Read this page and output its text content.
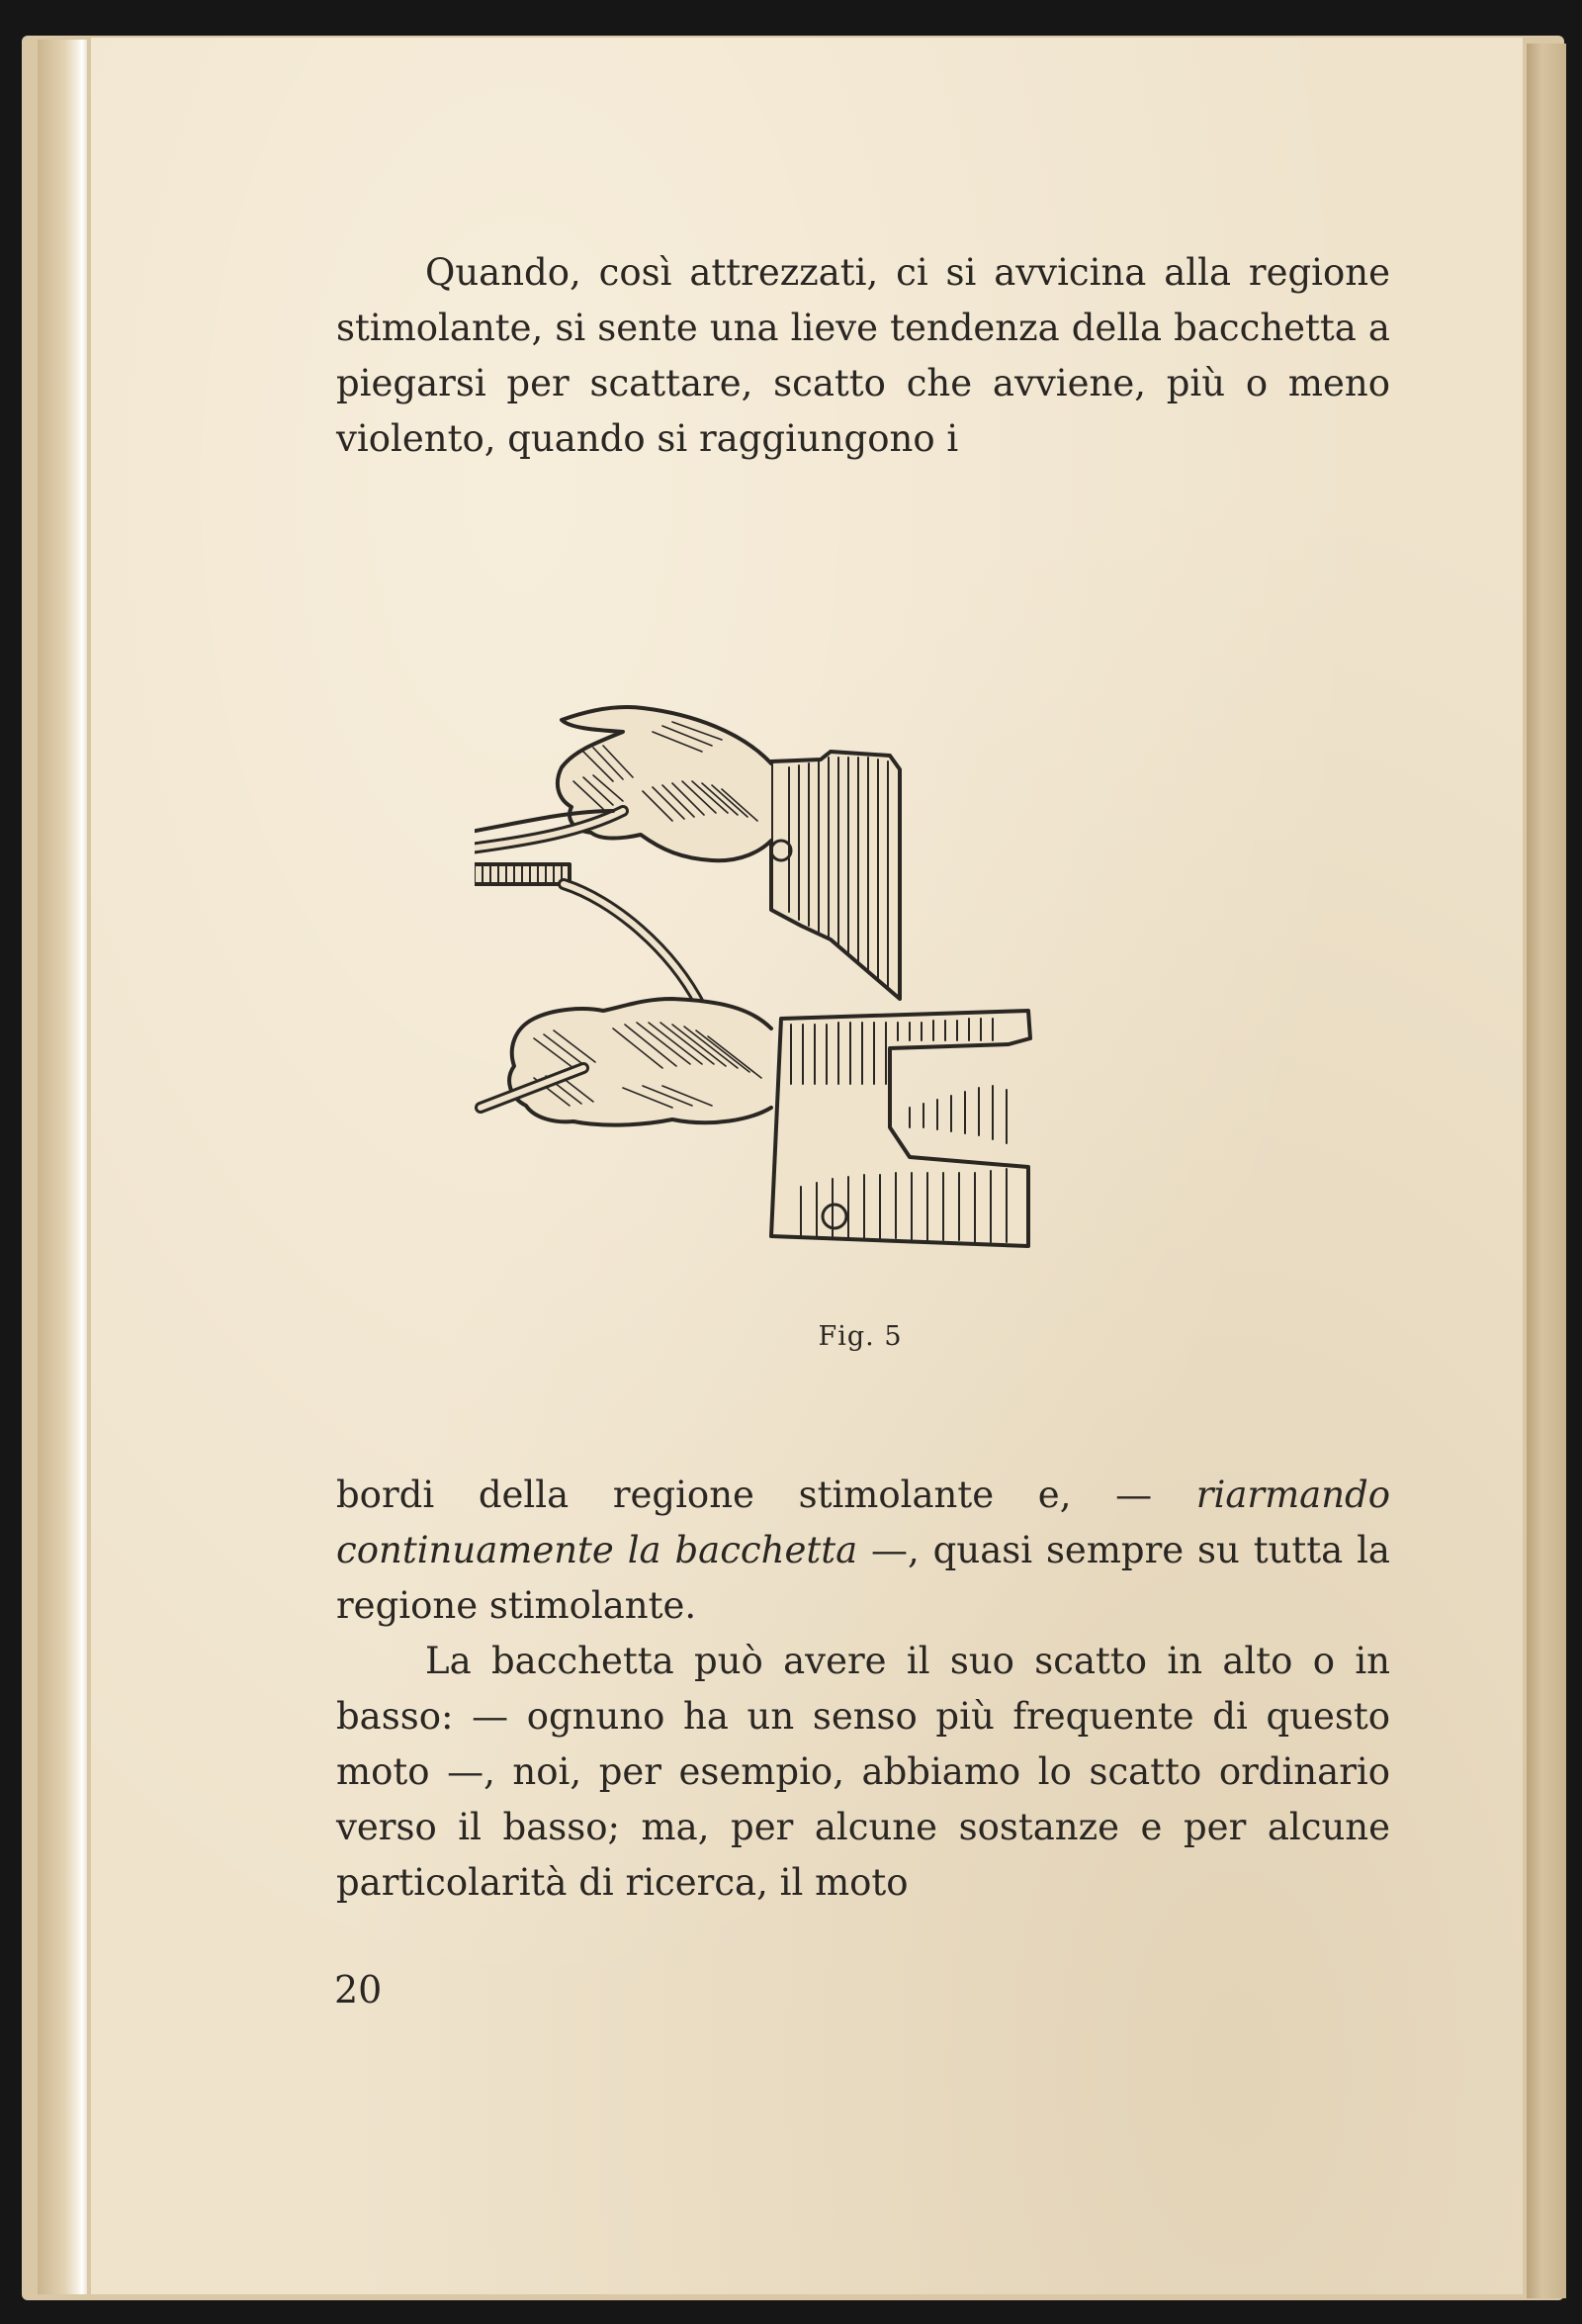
Quando, così attrezzati, ci si avvicina alla regione stimolante, si sente una lieve tendenza della bacchetta a piegarsi per scattare, scatto che avviene, più o meno violento, quando si raggiungono i

Fig. 5

bordi della regione stimolante e, — riarmando continuamente la bacchetta —, quasi sempre su tutta la regione stimolante.

La bacchetta può avere il suo scatto in alto o in basso: — ognuno ha un senso più frequente di questo moto —, noi, per esempio, abbiamo lo scatto ordinario verso il basso; ma, per alcune sostanze e per alcune particolarità di ricerca, il moto

20
